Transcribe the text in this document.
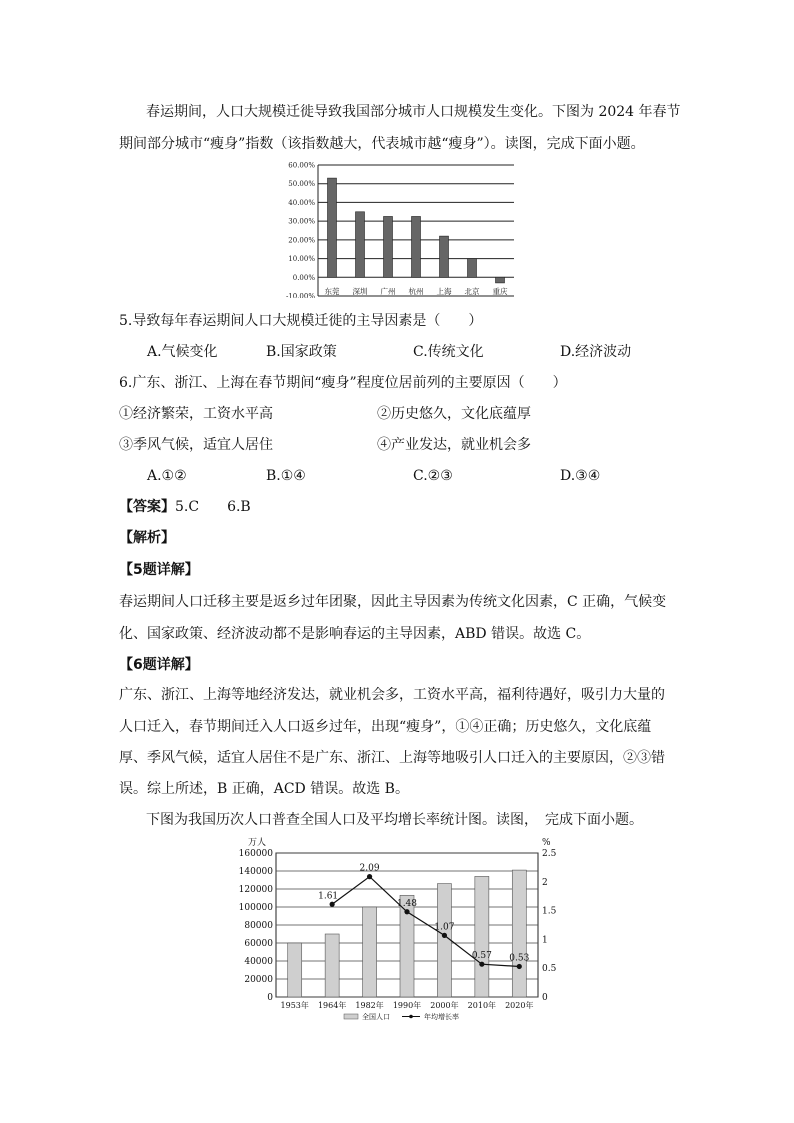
春运期间，人口大规模迁徙导致我国部分城市人口规模发生变化。下图为 2024 年春节
期间部分城市“瘦身”指数（该指数越大，代表城市越“瘦身”）。读图，完成下面小题。
60.00%
50.00%
40.00%
30.00%
20.00%
10.00%
0.00%
-10.00%
东莞 深圳 广州 杭州 上海 北京 重庆
5.导致每年春运期间人口大规模迁徙的主导因素是（　　）
A.气候变化	B.国家政策	C.传统文化	D.经济波动
6.广东、浙江、上海在春节期间“瘦身”程度位居前列的主要原因（　　）
①经济繁荣，工资水平高	②历史悠久，文化底蕴厚
③季风气候，适宜人居住	④产业发达，就业机会多
A.①②	B.①④	C.②③	D.③④
【答案】5.C　　6.B
【解析】
【5题详解】
春运期间人口迁移主要是返乡过年团聚，因此主导因素为传统文化因素，C 正确，气候变
化、国家政策、经济波动都不是影响春运的主导因素，ABD 错误。故选 C。
【6题详解】
广东、浙江、上海等地经济发达，就业机会多，工资水平高，福利待遇好，吸引力大量的
人口迁入，春节期间迁入人口返乡过年，出现“瘦身”，①④正确；历史悠久，文化底蕴
厚、季风气候，适宜人居住不是广东、浙江、上海等地吸引人口迁入的主要原因，②③错
误。综上所述，B 正确，ACD 错误。故选 B。
下图为我国历次人口普查全国人口及平均增长率统计图。读图，　完成下面小题。
160000
140000
120000
100000
80000
60000
40000
20000
0
2.5
2
1.5
1
0.5
0
万人	%
1.61
2.09
1.48
1.07
0.57 0.53
1953年 1964年 1982年 1990年 2000年 2010年 2020年
全国人口	年均增长率
